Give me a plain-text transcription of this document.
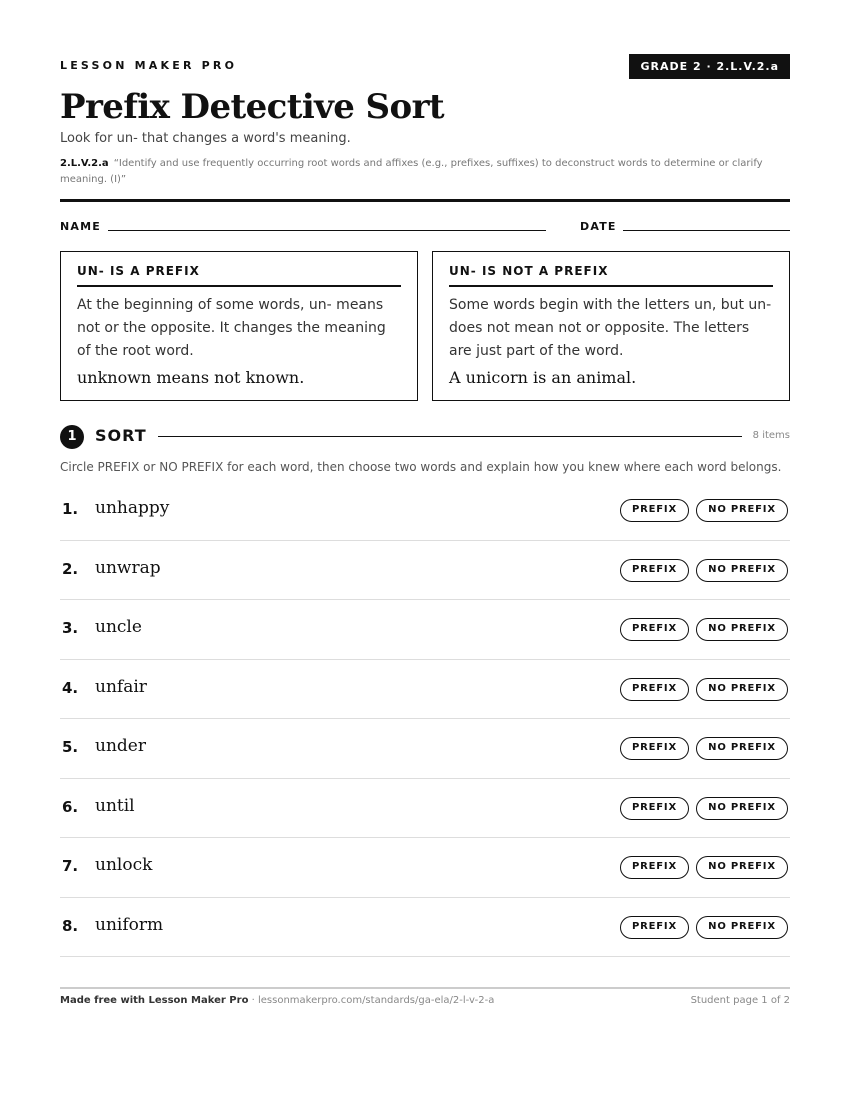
LESSON MAKER PRO	GRADE 2 · 2.L.V.2.a
Prefix Detective Sort
Look for un- that changes a word's meaning.
2.L.V.2.a “Identify and use frequently occurring root words and affixes (e.g., prefixes, suffixes) to deconstruct words to determine or clarify meaning. (I)”
NAME	DATE
UN- IS A PREFIX
At the beginning of some words, un- means not or the opposite. It changes the meaning of the root word.
unknown means not known.
UN- IS NOT A PREFIX
Some words begin with the letters un, but un- does not mean not or opposite. The letters are just part of the word.
A unicorn is an animal.
1	SORT	8 items
Circle PREFIX or NO PREFIX for each word, then choose two words and explain how you knew where each word belongs.
1. unhappy	PREFIX	NO PREFIX
2. unwrap	PREFIX	NO PREFIX
3. uncle	PREFIX	NO PREFIX
4. unfair	PREFIX	NO PREFIX
5. under	PREFIX	NO PREFIX
6. until	PREFIX	NO PREFIX
7. unlock	PREFIX	NO PREFIX
8. uniform	PREFIX	NO PREFIX
Made free with Lesson Maker Pro · lessonmakerpro.com/standards/ga-ela/2-l-v-2-a	Student page 1 of 2
